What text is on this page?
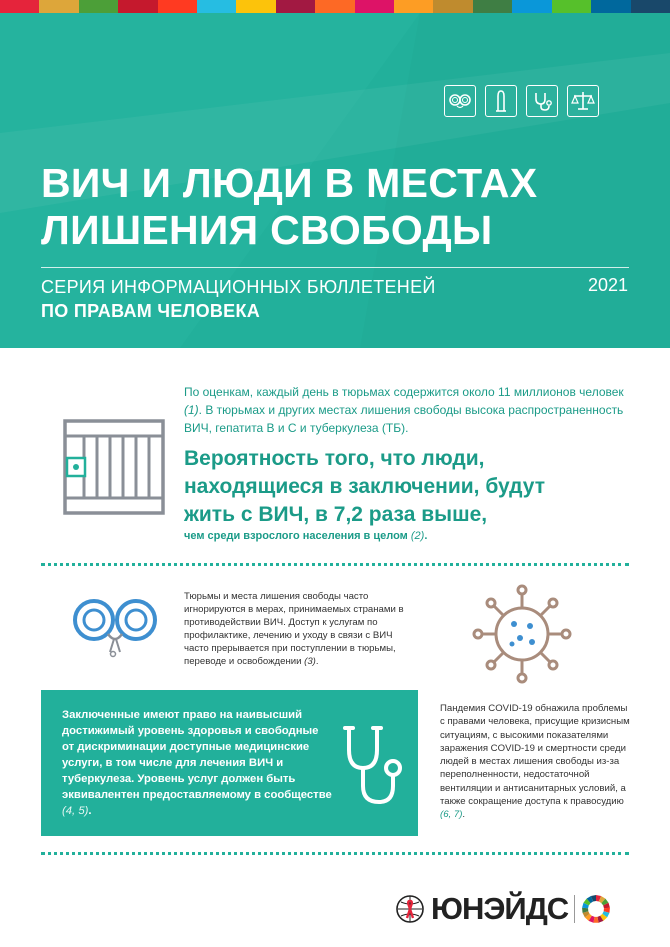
ВИЧ И ЛЮДИ В МЕСТАХ
ЛИШЕНИЯ СВОБОДЫ
СЕРИЯ ИНФОРМАЦИОННЫХ БЮЛЛЕТЕНЕЙ
ПО ПРАВАМ ЧЕЛОВЕКА
2021
По оценкам, каждый день в тюрьмах содержится около 11 миллионов человек (1). В тюрьмах и других местах лишения свободы высока распространенность ВИЧ, гепатита B и C и туберкулеза (ТБ).
Вероятность того, что люди,
находящиеся в заключении, будут
жить с ВИЧ, в 7,2 раза выше,
чем среди взрослого населения в целом (2).
Тюрьмы и места лишения свободы часто игнорируются в мерах, принимаемых странами в противодействии ВИЧ. Доступ к услугам по профилактике, лечению и уходу в связи с ВИЧ часто прерывается при поступлении в тюрьмы, переводе и освобождении (3).
Заключенные имеют право на наивысший достижимый уровень здоровья и свободные от дискриминации доступные медицинские услуги, в том числе для лечения ВИЧ и туберкулеза. Уровень услуг должен быть эквивалентен предоставляемому в сообществе (4, 5).
Пандемия COVID-19 обнажила проблемы с правами человека, присущие кризисным ситуациям, с высокими показателями заражения COVID-19 и смертности среди людей в местах лишения свободы из-за переполненности, недостаточной вентиляции и антисанитарных условий, а также сокращение доступа к правосудию (6, 7).
ЮНЭЙДС
